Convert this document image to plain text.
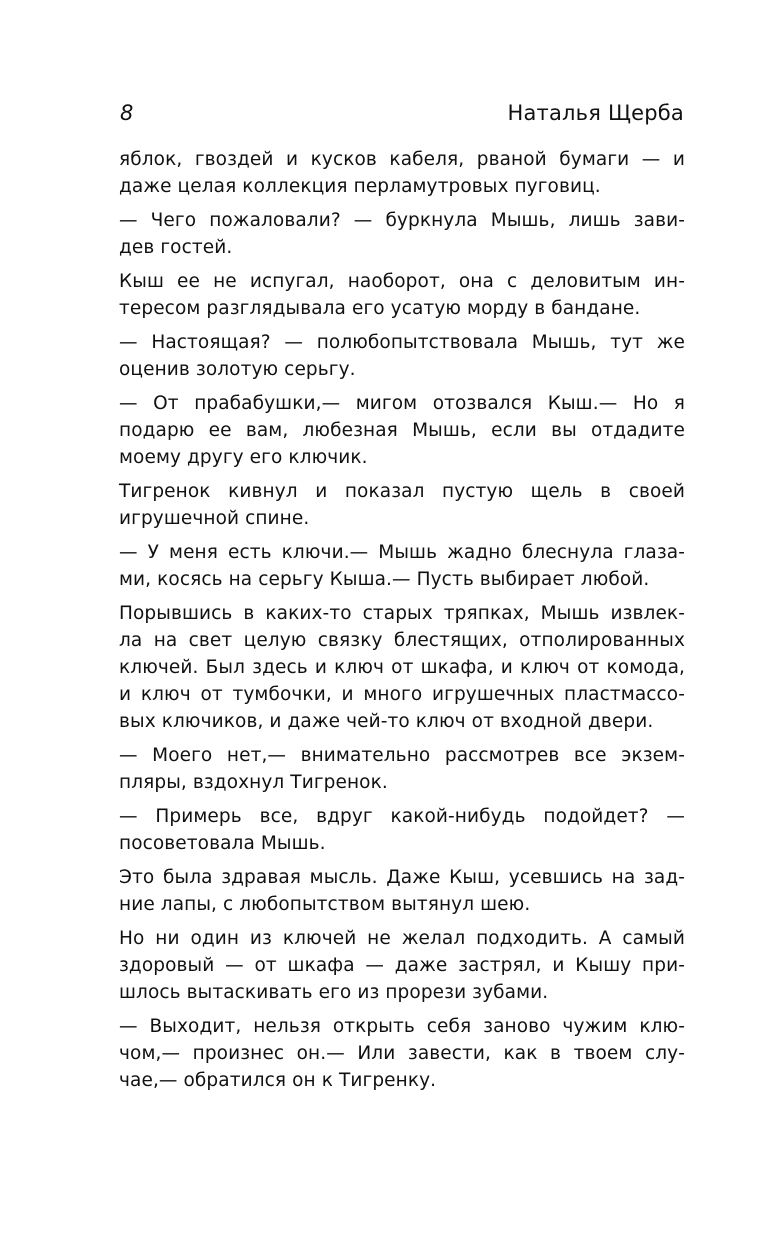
8	Наталья Щерба

яблок, гвоздей и кусков кабеля, рваной бумаги — и
даже целая коллекция перламутровых пуговиц.

— Чего пожаловали? — буркнула Мышь, лишь зави-
дев гостей.

Кыш ее не испугал, наоборот, она с деловитым ин-
тересом разглядывала его усатую морду в бандане.

— Настоящая? — полюбопытствовала Мышь, тут же
оценив золотую серьгу.

— От прабабушки,— мигом отозвался Кыш.— Но я
подарю ее вам, любезная Мышь, если вы отдадите
моему другу его ключик.

Тигренок кивнул и показал пустую щель в своей
игрушечной спине.

— У меня есть ключи.— Мышь жадно блеснула глаза-
ми, косясь на серьгу Кыша.— Пусть выбирает любой.

Порывшись в каких-то старых тряпках, Мышь извлек-
ла на свет целую связку блестящих, отполированных
ключей. Был здесь и ключ от шкафа, и ключ от комода,
и ключ от тумбочки, и много игрушечных пластмассо-
вых ключиков, и даже чей-то ключ от входной двери.

— Моего нет,— внимательно рассмотрев все экзем-
пляры, вздохнул Тигренок.

— Примерь все, вдруг какой-нибудь подойдет? —
посоветовала Мышь.

Это была здравая мысль. Даже Кыш, усевшись на зад-
ние лапы, с любопытством вытянул шею.

Но ни один из ключей не желал подходить. А самый
здоровый — от шкафа — даже застрял, и Кышу при-
шлось вытаскивать его из прорези зубами.

— Выходит, нельзя открыть себя заново чужим клю-
чом,— произнес он.— Или завести, как в твоем слу-
чае,— обратился он к Тигренку.
